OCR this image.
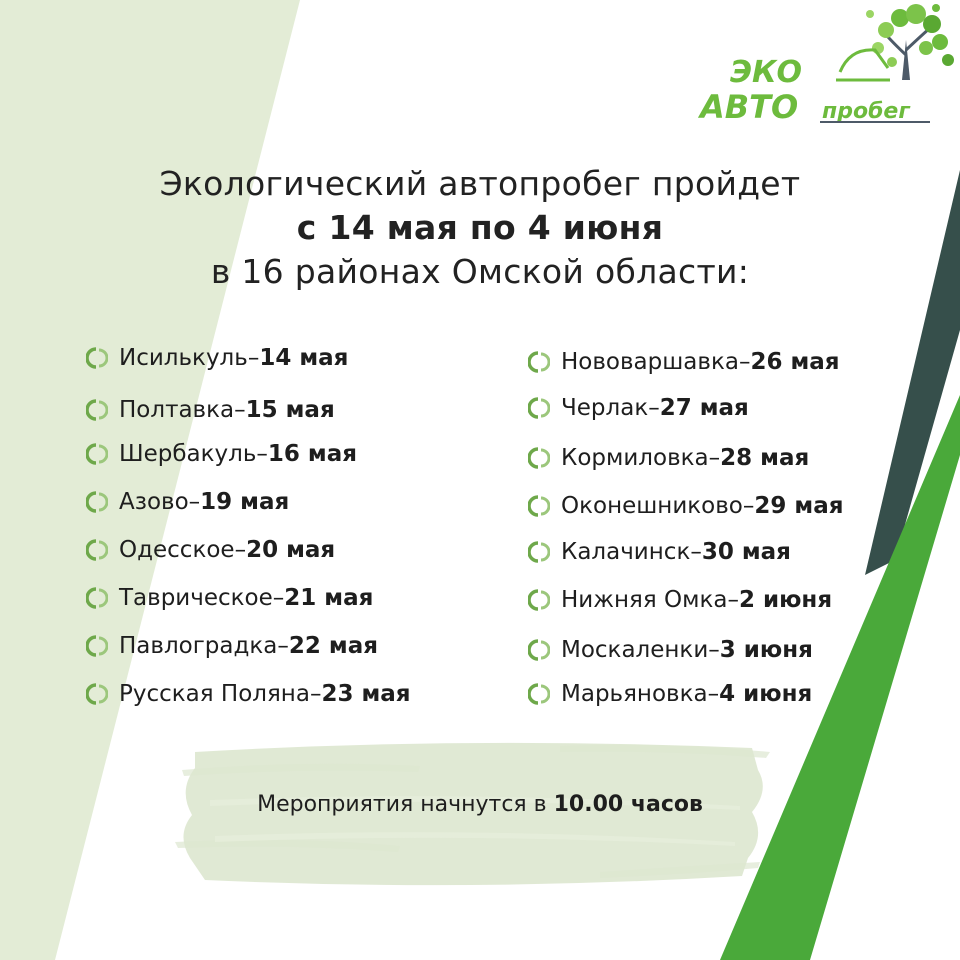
ЭКО
АВТО пробег
Экологический автопробег пройдет
с 14 мая по 4 июня
в 16 районах Омской области:
Исилькуль – 14 мая
Полтавка – 15 мая
Шербакуль – 16 мая
Азово – 19 мая
Одесское – 20 мая
Таврическое – 21 мая
Павлоградка – 22 мая
Русская Поляна – 23 мая
Нововаршавка – 26 мая
Черлак – 27 мая
Кормиловка – 28 мая
Оконешниково – 29 мая
Калачинск – 30 мая
Нижняя Омка – 2 июня
Москаленки – 3 июня
Марьяновка – 4 июня
Мероприятия начнутся в 10.00 часов
